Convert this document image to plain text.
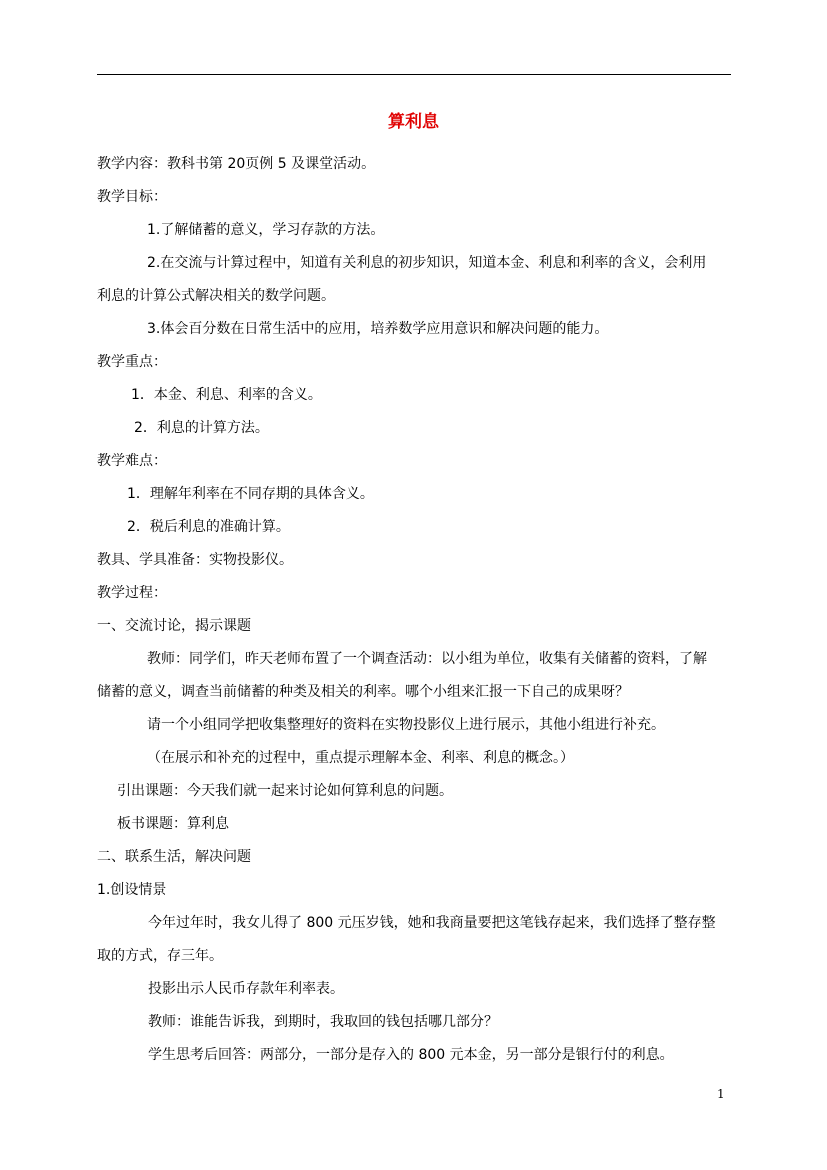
算利息

教学内容：教科书第 20页例 5 及课堂活动。

教学目标：

1.了解储蓄的意义，学习存款的方法。

2.在交流与计算过程中，知道有关利息的初步知识，知道本金、利息和利率的含义，会利用

利息的计算公式解决相关的数学问题。

3.体会百分数在日常生活中的应用，培养数学应用意识和解决问题的能力。

教学重点：

1．本金、利息、利率的含义。

2．利息的计算方法。

教学难点：

1．理解年利率在不同存期的具体含义。

2．税后利息的准确计算。

教具、学具准备：实物投影仪。

教学过程：

一、交流讨论，揭示课题

教师：同学们，昨天老师布置了一个调查活动：以小组为单位，收集有关储蓄的资料，了解

储蓄的意义，调查当前储蓄的种类及相关的利率。哪个小组来汇报一下自己的成果呀？

请一个小组同学把收集整理好的资料在实物投影仪上进行展示，其他小组进行补充。

（在展示和补充的过程中，重点提示理解本金、利率、利息的概念。）

引出课题：今天我们就一起来讨论如何算利息的问题。

板书课题：算利息

二、联系生活，解决问题

1.创设情景

今年过年时，我女儿得了 800 元压岁钱，她和我商量要把这笔钱存起来，我们选择了整存整

取的方式，存三年。

投影出示人民币存款年利率表。

教师：谁能告诉我，到期时，我取回的钱包括哪几部分？

学生思考后回答：两部分，一部分是存入的 800 元本金，另一部分是银行付的利息。

1
